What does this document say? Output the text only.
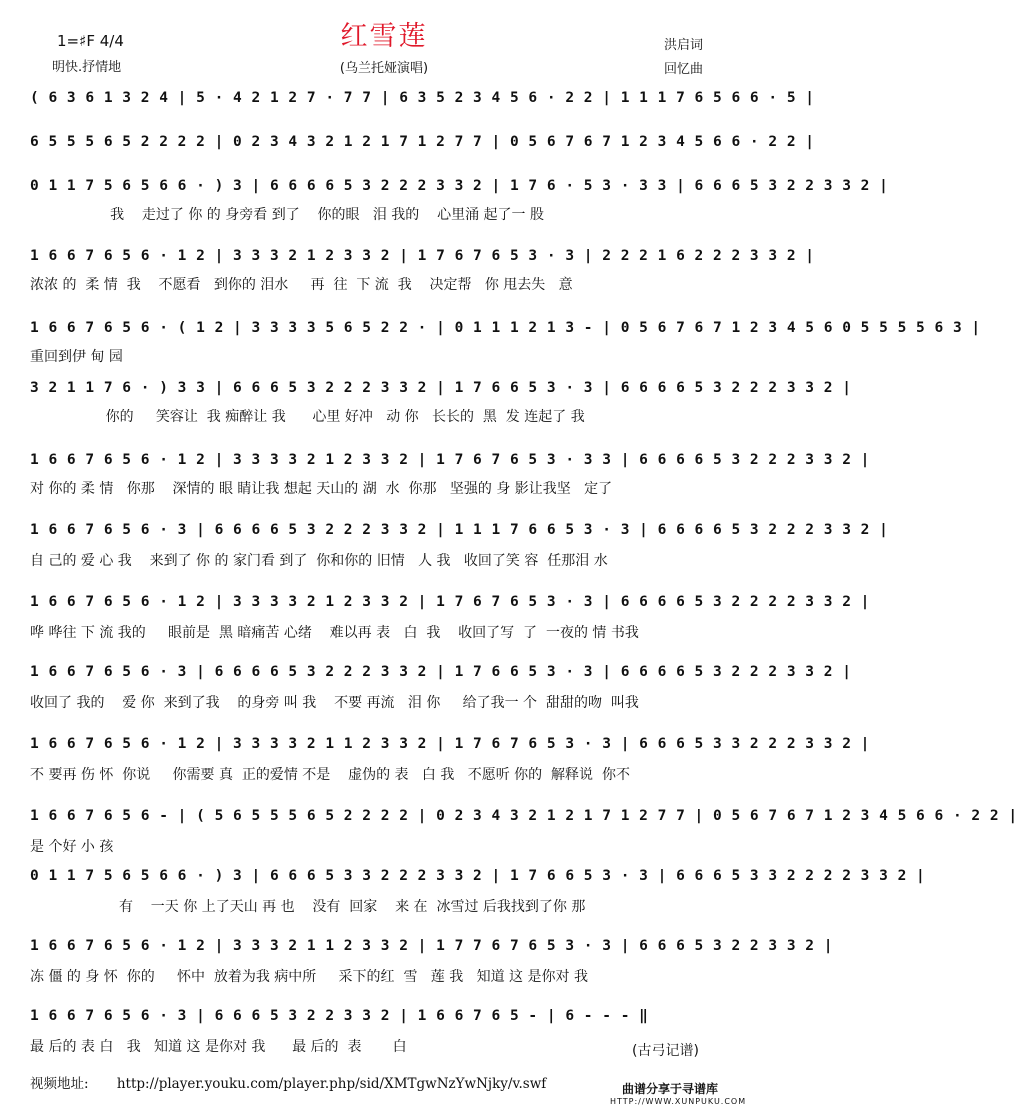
红雪莲
(乌兰托娅演唱)
1=♯F 4/4
明快.抒情地
洪启词
回忆曲
( 6 3 6 1 3 2 4 | 5 · 4 2 1 2 7 · 7 7 | 6 3 5 2 3 4 5 6 · 2 2 | 1 1 1 7 6 5 6 6 · 5 |
6 5 5 5 6 5 2 2 2 2 | 0 2 3 4 3 2 1 2 1 7 1 2 7 7 | 0 5 6 7 6 7 1 2 3 4 5 6 6 · 2 2 |
0 1 1 7 5 6 5 6 6 · ) 3 | 6 6 6 6 5 3 2 2 2 3 3 2 | 1 7 6 · 5 3 · 3 3 | 6 6 6 5 3 2 2 3 3 2 |
我    走过了 你 的 身旁看 到了    你的眼   泪 我的    心里涌 起了一 股
1 6 6 7 6 5 6 · 1 2 | 3 3 3 2 1 2 3 3 2 | 1 7 6 7 6 5 3 · 3 | 2 2 2 1 6 2 2 2 3 3 2 |
浓浓 的  柔 情  我    不愿看   到你的 泪水     再  往  下 流  我    决定帮   你 甩去失   意
1 6 6 7 6 5 6 · ( 1 2 | 3 3 3 3 5 6 5 2 2 · | 0 1 1 1 2 1 3 - | 0 5 6 7 6 7 1 2 3 4 5 6 0 5 5 5 5 6 3 |
重回到伊 甸 园
3 2 1 1 7 6 · ) 3 3 | 6 6 6 5 3 2 2 2 3 3 2 | 1 7 6 6 5 3 · 3 | 6 6 6 6 5 3 2 2 2 3 3 2 |
你的     笑容让  我 痴醉让 我      心里 好冲   动 你   长长的  黑  发 连起了 我
1 6 6 7 6 5 6 · 1 2 | 3 3 3 3 2 1 2 3 3 2 | 1 7 6 7 6 5 3 · 3 3 | 6 6 6 6 5 3 2 2 2 3 3 2 |
对 你的 柔 情   你那    深情的 眼 睛让我 想起 天山的 湖  水  你那   坚强的 身 影让我坚   定了
1 6 6 7 6 5 6 · 3 | 6 6 6 6 5 3 2 2 2 3 3 2 | 1 1 1 7 6 6 5 3 · 3 | 6 6 6 6 5 3 2 2 2 3 3 2 |
自 己的 爱 心 我    来到了 你 的 家门看 到了  你和你的 旧情   人 我   收回了笑 容  任那泪 水
1 6 6 7 6 5 6 · 1 2 | 3 3 3 3 2 1 2 3 3 2 | 1 7 6 7 6 5 3 · 3 | 6 6 6 6 5 3 2 2 2 2 3 3 2 |
哗 哗往 下 流 我的     眼前是  黑 暗痛苦 心绪    难以再 表   白  我    收回了写  了  一夜的 情 书我
1 6 6 7 6 5 6 · 3 | 6 6 6 6 5 3 2 2 2 3 3 2 | 1 7 6 6 5 3 · 3 | 6 6 6 6 5 3 2 2 2 3 3 2 |
收回了 我的    爱 你  来到了我    的身旁 叫 我    不要 再流   泪 你     给了我一 个  甜甜的吻  叫我
1 6 6 7 6 5 6 · 1 2 | 3 3 3 3 2 1 1 2 3 3 2 | 1 7 6 7 6 5 3 · 3 | 6 6 6 5 3 3 2 2 2 3 3 2 |
不 要再 伤 怀  你说     你需要 真  正的爱情 不是    虚伪的 表   白 我   不愿听 你的  解释说  你不
1 6 6 7 6 5 6 - | ( 5 6 5 5 5 6 5 2 2 2 2 | 0 2 3 4 3 2 1 2 1 7 1 2 7 7 | 0 5 6 7 6 7 1 2 3 4 5 6 6 · 2 2 |
是 个好 小 孩
0 1 1 7 5 6 5 6 6 · ) 3 | 6 6 6 5 3 3 2 2 2 3 3 2 | 1 7 6 6 5 3 · 3 | 6 6 6 5 3 3 2 2 2 2 3 3 2 |
有    一天 你 上了天山 再 也    没有  回家    来 在  冰雪过 后我找到了你 那
1 6 6 7 6 5 6 · 1 2 | 3 3 3 2 1 1 2 3 3 2 | 1 7 7 6 7 6 5 3 · 3 | 6 6 6 5 3 2 2 3 3 2 |
冻 僵 的 身 怀  你的     怀中  放着为我 病中所     采下的红  雪   莲 我   知道 这 是你对 我
1 6 6 7 6 5 6 · 3 | 6 6 6 5 3 2 2 3 3 2 | 1 6 6 7 6 5 - | 6 - - - ‖
最 后的 表 白   我   知道 这 是你对 我      最 后的  表       白	(古弓记谱)
视频地址: http://player.youku.com/player.php/sid/XMTgwNzYwNjky/v.swf	曲谱分享于寻谱库
HTTP://WWW.XUNPUKU.COM
